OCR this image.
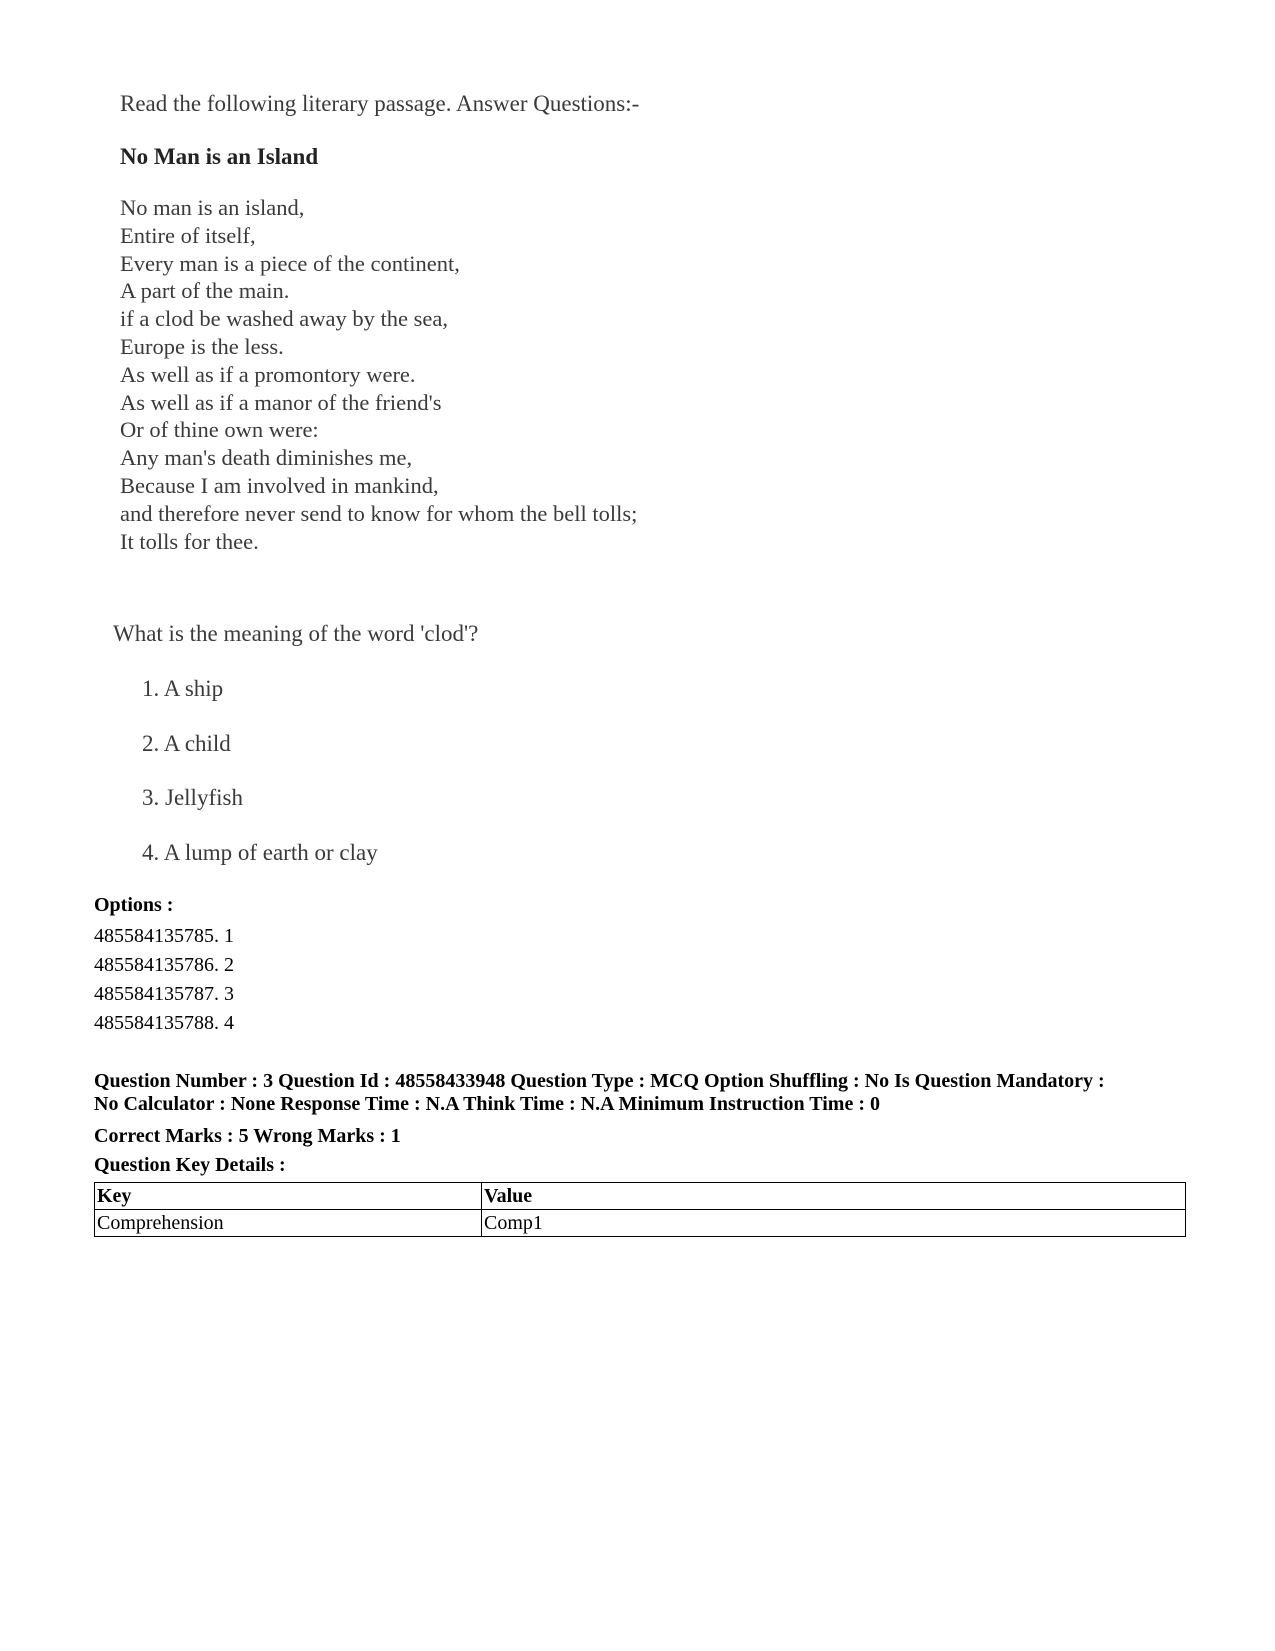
Read the following literary passage. Answer Questions:-
No Man is an Island
No man is an island,
Entire of itself,
Every man is a piece of the continent,
A part of the main.
if a clod be washed away by the sea,
Europe is the less.
As well as if a promontory were.
As well as if a manor of the friend's
Or of thine own were:
Any man's death diminishes me,
Because I am involved in mankind,
and therefore never send to know for whom the bell tolls;
It tolls for thee.
What is the meaning of the word 'clod'?
1. A ship
2. A child
3. Jellyfish
4. A lump of earth or clay
Options :
485584135785. 1
485584135786. 2
485584135787. 3
485584135788. 4
Question Number : 3 Question Id : 48558433948 Question Type : MCQ Option Shuffling : No Is Question Mandatory :
No Calculator : None Response Time : N.A Think Time : N.A Minimum Instruction Time : 0
Correct Marks : 5 Wrong Marks : 1
Question Key Details :
Key	Value
Comprehension	Comp1
